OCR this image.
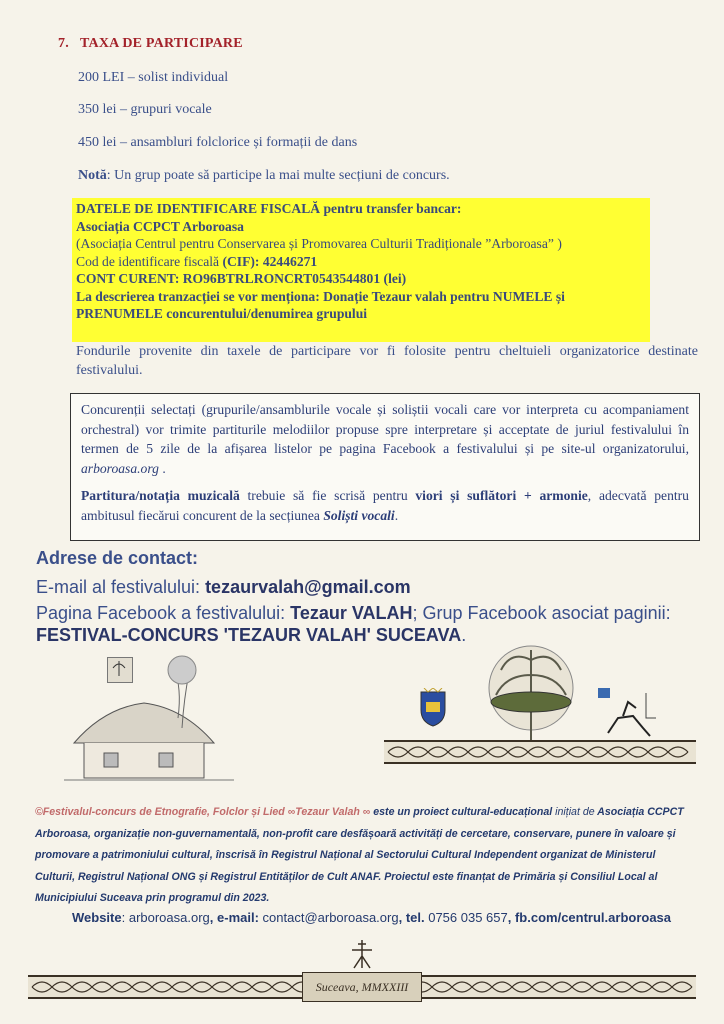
7. TAXA DE PARTICIPARE
200 LEI – solist individual
350 lei – grupuri vocale
450 lei – ansambluri folclorice și formații de dans
Notă: Un grup poate să participe la mai multe secțiuni de concurs.
DATELE DE IDENTIFICARE FISCALĂ pentru transfer bancar:
Asociația CCPCT Arboroasa
(Asociația Centrul pentru Conservarea și Promovarea Culturii Tradiționale ”Arboroasa” )
Cod de identificare fiscală (CIF): 42446271
CONT CURENT: RO96BTRLRONCRT0543544801 (lei)
La descrierea tranzacției se vor menționa: Donație Tezaur valah pentru NUMELE și
PRENUMELE concurentului/denumirea grupului
Fondurile provenite din taxele de participare vor fi folosite pentru cheltuieli organizatorice destinate festivalului.
Concurenții selectați (grupurile/ansamblurile vocale și soliștii vocali care vor interpreta cu acompaniament orchestral) vor trimite partiturile melodiilor propuse spre interpretare și acceptate de juriul festivalului în termen de 5 zile de la afișarea listelor pe pagina Facebook a festivalului și pe site-ul organizatorului, arboroasa.org .
Partitura/notația muzicală trebuie să fie scrisă pentru viori și suflători + armonie, adecvată pentru ambitusul fiecărui concurent de la secțiunea Soliști vocali.
Adrese de contact:
E-mail al festivalului: tezaurvalah@gmail.com
Pagina Facebook a festivalului: Tezaur VALAH; Grup Facebook asociat paginii:
FESTIVAL-CONCURS 'TEZAUR VALAH' SUCEAVA.
©Festivalul-concurs de Etnografie, Folclor și Lied ∞Tezaur Valah ∞ este un proiect cultural-educațional inițiat de Asociația CCPCT Arboroasa, organizație non-guvernamentală, non-profit care desfășoară activități de cercetare, conservare, punere în valoare și promovare a patrimoniului cultural, înscrisă în Registrul Național al Sectorului Cultural Independent organizat de Ministerul Culturii, Registrul Național ONG și Registrul Entităților de Cult ANAF. Proiectul este finanțat de Primăria și Consiliul Local al Municipiului Suceava prin programul din 2023.
Website: arboroasa.org, e-mail: contact@arboroasa.org, tel. 0756 035 657, fb.com/centrul.arboroasa
Suceava, MMXXIII
